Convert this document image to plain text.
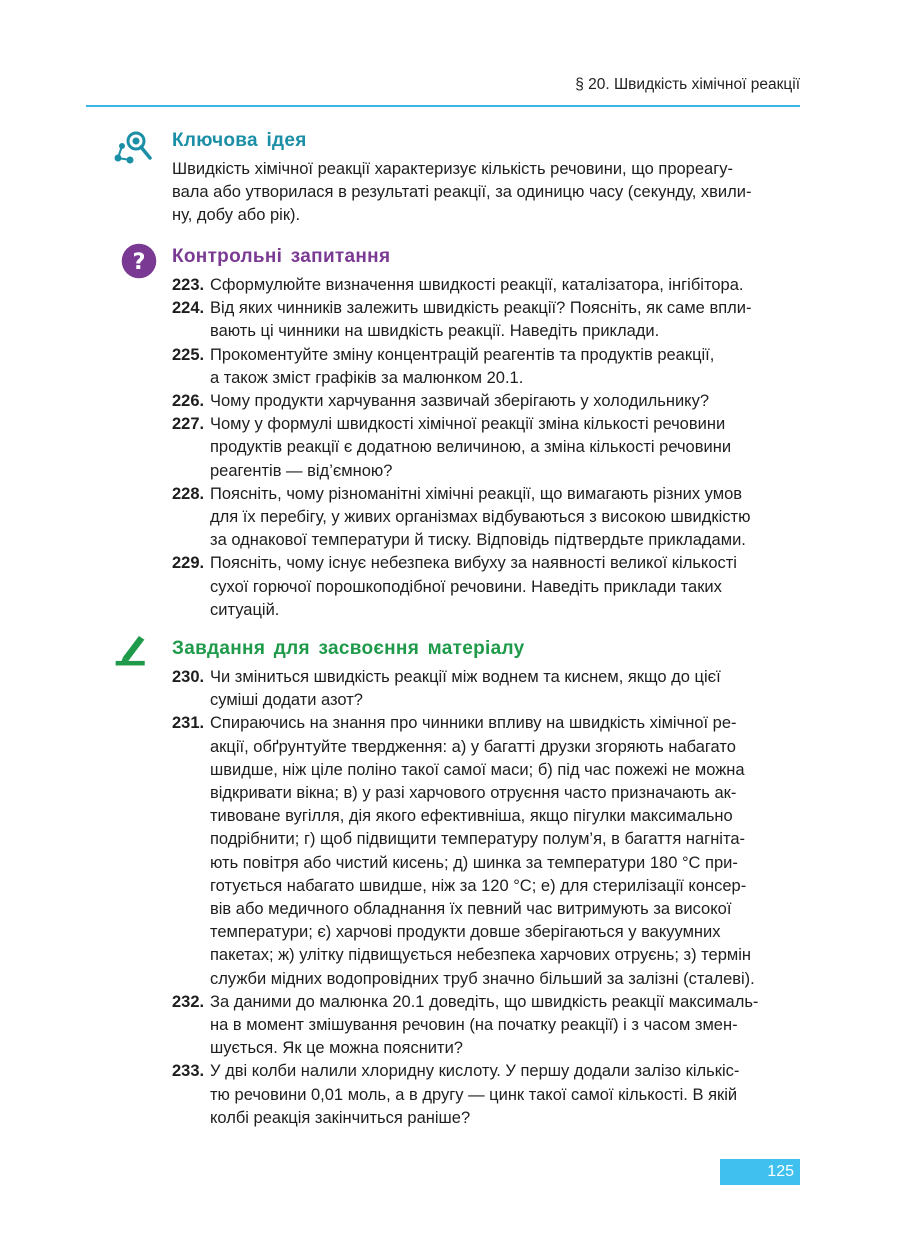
§ 20. Швидкість хімічної реакції
Ключова ідея
Швидкість хімічної реакції характеризує кількість речовини, що прореагу-
вала або утворилася в результаті реакції, за одиницю часу (секунду, хвили-
ну, добу або рік).
? Контрольні запитання
223. Сформулюйте визначення швидкості реакції, каталізатора, інгібітора.
224. Від яких чинників залежить швидкість реакції? Поясніть, як саме впли-
вають ці чинники на швидкість реакції. Наведіть приклади.
225. Прокоментуйте зміну концентрацій реагентів та продуктів реакції,
а також зміст графіків за малюнком 20.1.
226. Чому продукти харчування зазвичай зберігають у холодильнику?
227. Чому у формулі швидкості хімічної реакції зміна кількості речовини
продуктів реакції є додатною величиною, а зміна кількості речовини
реагентів — від’ємною?
228. Поясніть, чому різноманітні хімічні реакції, що вимагають різних умов
для їх перебігу, у живих організмах відбуваються з високою швидкістю
за однакової температури й тиску. Відповідь підтвердьте прикладами.
229. Поясніть, чому існує небезпека вибуху за наявності великої кількості
сухої горючої порошкоподібної речовини. Наведіть приклади таких
ситуацій.
Завдання для засвоєння матеріалу
230. Чи зміниться швидкість реакції між воднем та киснем, якщо до цієї
суміші додати азот?
231. Спираючись на знання про чинники впливу на швидкість хімічної ре-
акції, обґрунтуйте твердження: а) у багатті друзки згоряють набагато
швидше, ніж ціле поліно такої самої маси; б) під час пожежі не можна
відкривати вікна; в) у разі харчового отруєння часто призначають ак-
тивоване вугілля, дія якого ефективніша, якщо пігулки максимально
подрібнити; г) щоб підвищити температуру полум’я, в багаття нагніта-
ють повітря або чистий кисень; д) шинка за температури 180 °С при-
готується набагато швидше, ніж за 120 °С; е) для стерилізації консер-
вів або медичного обладнання їх певний час витримують за високої
температури; є) харчові продукти довше зберігаються у вакуумних
пакетах; ж) улітку підвищується небезпека харчових отруєнь; з) термін
служби мідних водопровідних труб значно більший за залізні (сталеві).
232. За даними до малюнка 20.1 доведіть, що швидкість реакції максималь-
на в момент змішування речовин (на початку реакції) і з часом змен-
шується. Як це можна пояснити?
233. У дві колби налили хлоридну кислоту. У першу додали залізо кількіс-
тю речовини 0,01 моль, а в другу — цинк такої самої кількості. В якій
колбі реакція закінчиться раніше?
125
